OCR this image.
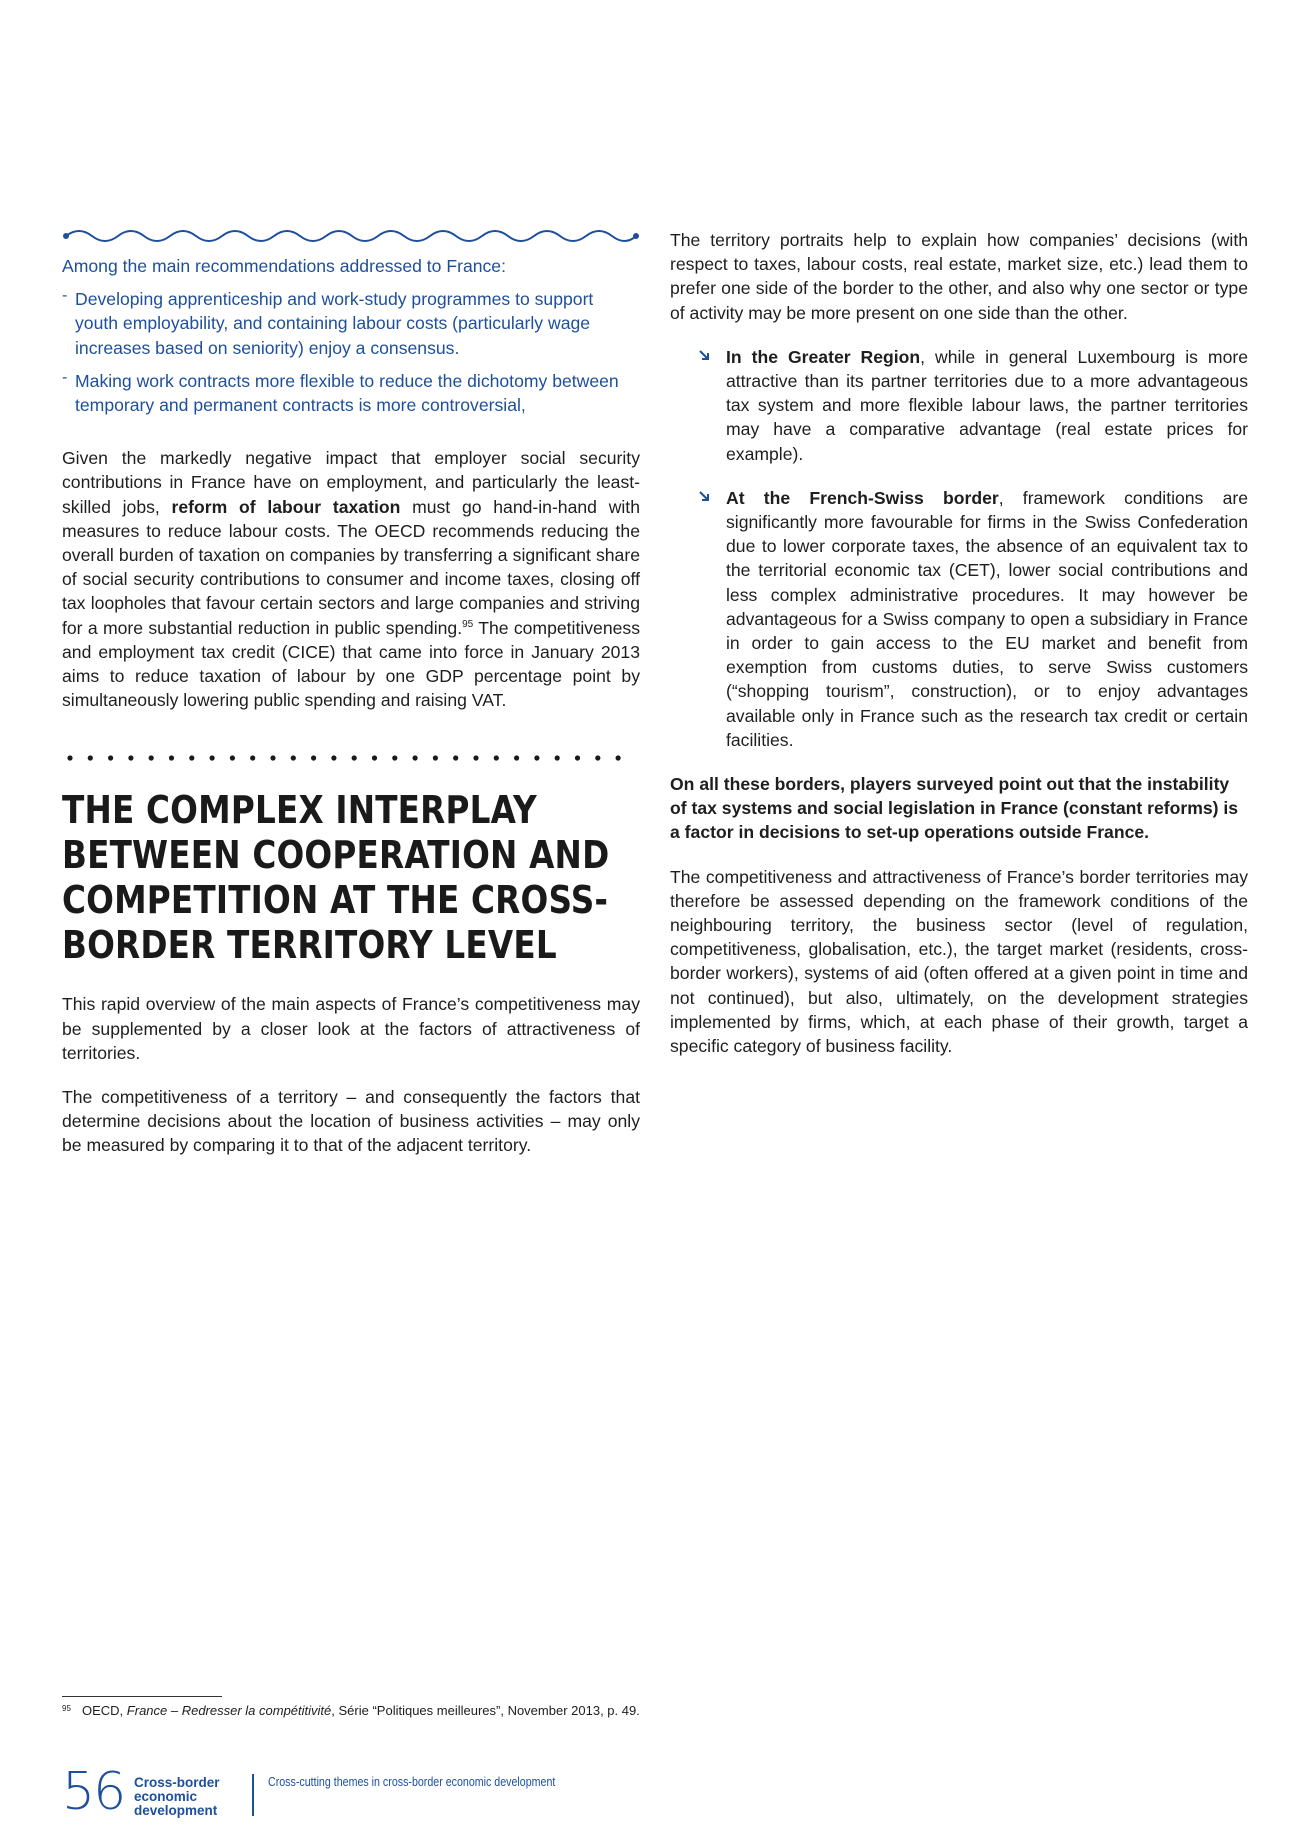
Among the main recommendations addressed to France:

- Developing apprenticeship and work-study programmes to support youth employability, and containing labour costs (particularly wage increases based on seniority) enjoy a consensus.

- Making work contracts more flexible to reduce the dichotomy between temporary and permanent contracts is more controversial,

Given the markedly negative impact that employer social security contributions in France have on employment, and particularly the least-skilled jobs, reform of labour taxation must go hand-in-hand with measures to reduce labour costs. The OECD recommends reducing the overall burden of taxation on companies by transferring a significant share of social security contributions to consumer and income taxes, closing off tax loopholes that favour certain sectors and large companies and striving for a more substantial reduction in public spending.$^{95}$ The competitiveness and employment tax credit (CICE) that came into force in January 2013 aims to reduce taxation of labour by one GDP percentage point by simultaneously lowering public spending and raising VAT.

THE COMPLEX INTERPLAY BETWEEN COOPERATION AND COMPETITION AT THE CROSS-BORDER TERRITORY LEVEL

This rapid overview of the main aspects of France’s competitiveness may be supplemented by a closer look at the factors of attractiveness of territories.

The competitiveness of a territory – and consequently the factors that determine decisions about the location of business activities – may only be measured by comparing it to that of the adjacent territory.

The territory portraits help to explain how companies’ decisions (with respect to taxes, labour costs, real estate, market size, etc.) lead them to prefer one side of the border to the other, and also why one sector or type of activity may be more present on one side than the other.

In the Greater Region, while in general Luxembourg is more attractive than its partner territories due to a more advantageous tax system and more flexible labour laws, the partner territories may have a comparative advantage (real estate prices for example).

At the French-Swiss border, framework conditions are significantly more favourable for firms in the Swiss Confederation due to lower corporate taxes, the absence of an equivalent tax to the territorial economic tax (CET), lower social contributions and less complex administrative procedures. It may however be advantageous for a Swiss company to open a subsidiary in France in order to gain access to the EU market and benefit from exemption from customs duties, to serve Swiss customers (“shopping tourism”, construction), or to enjoy advantages available only in France such as the research tax credit or certain facilities.

On all these borders, players surveyed point out that the instability of tax systems and social legislation in France (constant reforms) is a factor in decisions to set-up operations outside France.

The competitiveness and attractiveness of France’s border territories may therefore be assessed depending on the framework conditions of the neighbouring territory, the business sector (level of regulation, competitiveness, globalisation, etc.), the target market (residents, cross-border workers), systems of aid (often offered at a given point in time and not continued), but also, ultimately, on the development strategies implemented by firms, which, at each phase of their growth, target a specific category of business facility.

95 OECD, France – Redresser la compétitivité, Série “Politiques meilleures”, November 2013, p. 49.
56 Cross-border
economic
development
Cross-cutting themes in cross-border economic development
